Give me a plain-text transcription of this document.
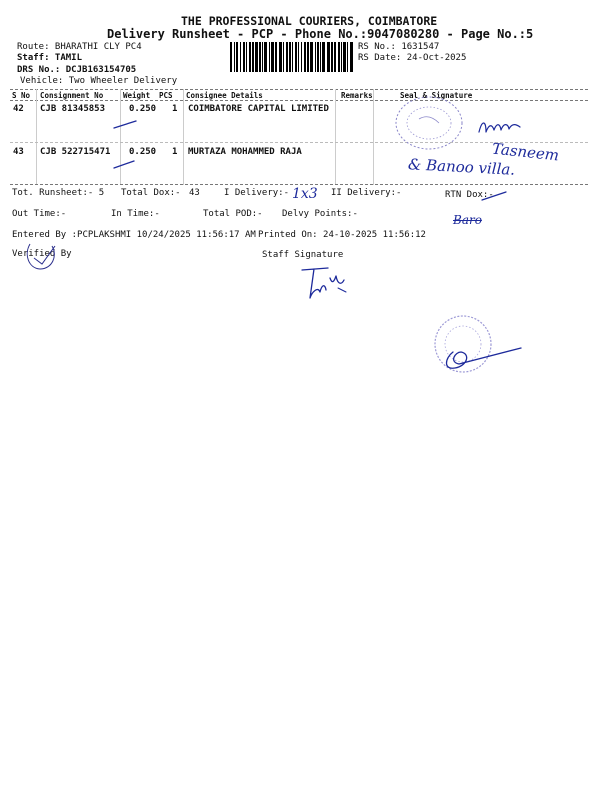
THE PROFESSIONAL COURIERS, COIMBATORE
Delivery Runsheet - PCP - Phone No.:9047080280 - Page No.:5
Route: BHARATHI CLY PC4
Staff: TAMIL
DRS No.: DCJB163154705
Vehicle: Two Wheeler Delivery
RS No.: 1631547
RS Date: 24-Oct-2025
S No Consignment No	Weight PCS Consignee Details	Remarks	Seal & Signature
42 CJB 81345853	0.250 1 COIMBATORE CAPITAL LIMITED
43 CJB 522715471 0.250 1 MURTAZA MOHAMMED RAJA
Tot. Runsheet:- 5 Total Dox:- 43	I Delivery:-	II Delivery:-	RTN Dox:-
Out Time:-	In Time:-	Total POD:- Delvy Points:-
Entered By :PCPLAKSHMI 10/24/2025 11:56:17 AM Printed On: 24-10-2025 11:56:12
Verified By	Staff Signature
1x3
Tasneem
& Banoo villa.
Baro
